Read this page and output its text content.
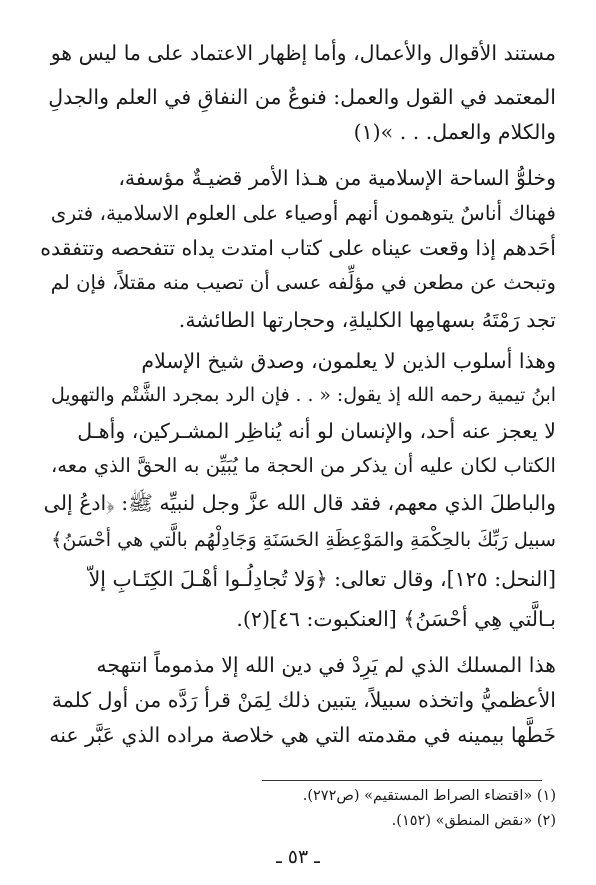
مستند الأقوال والأعمال، وأما إظهار الاعتماد على ما ليس هو
المعتمد في القول والعمل: فنوعٌ من النفاقِ في العلم والجدلِ
والكلام والعمل. . . »(١)
وخلوُّ الساحة الإسلامية من هـذا الأمر قضيـةٌ مؤسفة،
فهناك أناسٌ يتوهمون أنهم أوصياء على العلوم الاسلامية، فترى
أحَدهم إذا وقعت عيناه على كتاب امتدت يداه تتفحصه وتتفقده
وتبحث عن مطعن في مؤلِّفه عسى أن تصيب منه مقتلاً، فإن لم
تجد رَمْتَهُ بسهامِها الكليلةِ، وحجارتها الطائشة.
وهذا أسلوب الذين لا يعلمون، وصدق شيخ الإسلام
ابنُ تيمية رحمه الله إذ يقول: « . . فإن الرد بمجرد الشَّتْم والتهويل
لا يعجز عنه أحد، والإنسان لو أنه يُناظِر المشـركين، وأهـل
الكتاب لكان عليه أن يذكر من الحجة ما يُبَيِّن به الحقَّ الذي معه،
والباطلَ الذي معهم، فقد قال الله عزَّ وجل لنبيِّه ﷺ: ﴿ادعُ إلى
سبيل رَبِّكَ بالحِكْمَةِ والمَوْعِظَةِ الحَسَنَةِ وَجَادِلْهُم بالَّتي هي أحْسَنُ﴾
[النحل: ١٢٥]، وقال تعالى: ﴿وَلا تُجادِلُـوا أهْـلَ الكِتَـابِ إلاّ
بـالَّتي هِي أحْسَنُ﴾ [العنكبوت: ٤٦](٢).
هذا المسلك الذي لم يَرِدْ في دين الله إلا مذموماً انتهجه
الأعظميُّ واتخذه سبيلاً، يتبين ذلك لِمَنْ قرأ رَدَّه من أول كلمة
خَطَّها بيمينه في مقدمته التي هي خلاصة مراده الذي عَبَّر عنه
(١) «اقتضاء الصراط المستقيم» (ص٢٧٢).
(٢) «نقض المنطق» (١٥٢).
ـ ٥٣ ـ
